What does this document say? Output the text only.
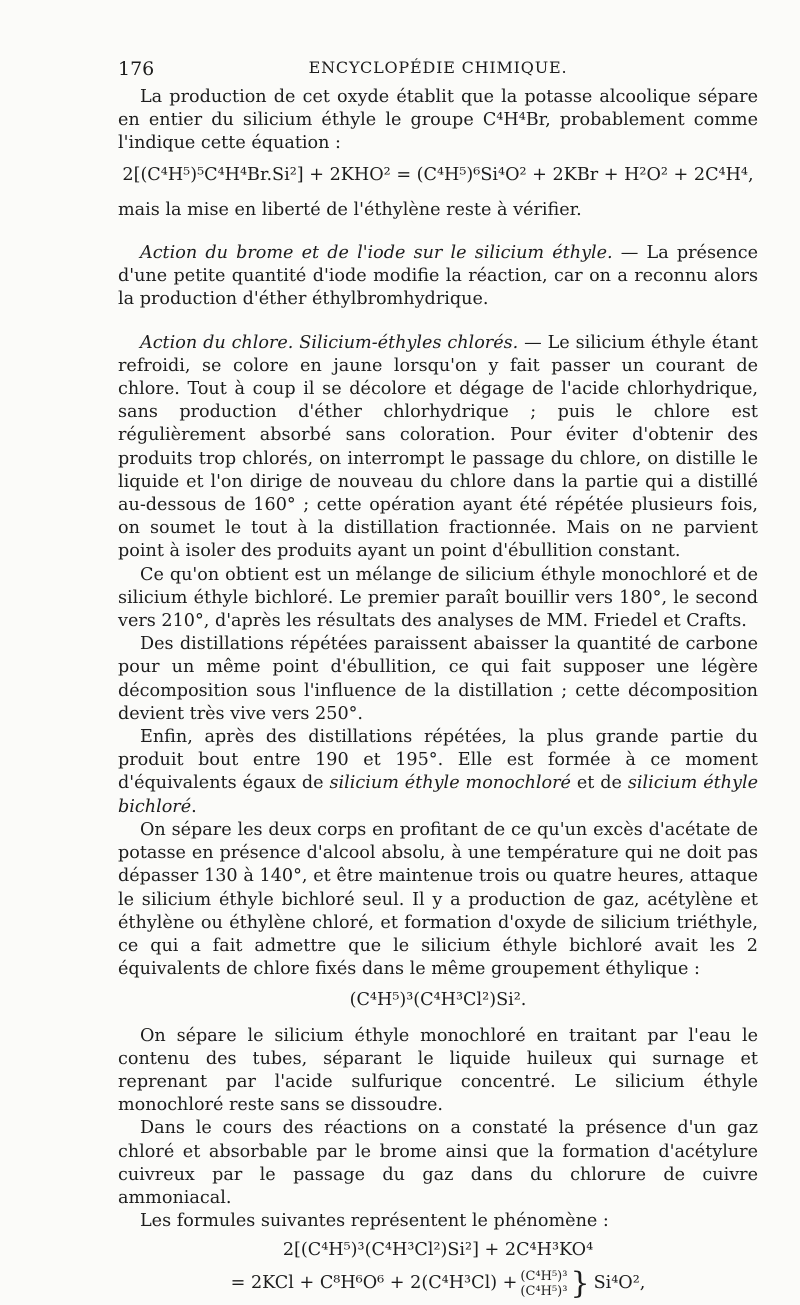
176	ENCYCLOPÉDIE CHIMIQUE.

La production de cet oxyde établit que la potasse alcoolique sépare en entier du silicium éthyle le groupe C⁴H⁴Br, probablement comme l'indique cette équation :

2[(C⁴H⁵)⁵C⁴H⁴Br.Si²] + 2KHO² = (C⁴H⁵)⁶Si⁴O² + 2KBr + H²O² + 2C⁴H⁴,

mais la mise en liberté de l'éthylène reste à vérifier.

Action du brome et de l'iode sur le silicium éthyle. — La présence d'une petite quantité d'iode modifie la réaction, car on a reconnu alors la production d'éther éthylbromhydrique.

Action du chlore. Silicium-éthyles chlorés. — Le silicium éthyle étant refroidi, se colore en jaune lorsqu'on y fait passer un courant de chlore. Tout à coup il se décolore et dégage de l'acide chlorhydrique, sans production d'éther chlorhydrique ; puis le chlore est régulièrement absorbé sans coloration. Pour éviter d'obtenir des produits trop chlorés, on interrompt le passage du chlore, on distille le liquide et l'on dirige de nouveau du chlore dans la partie qui a distillé au-dessous de 160° ; cette opération ayant été répétée plusieurs fois, on soumet le tout à la distillation fractionnée. Mais on ne parvient point à isoler des produits ayant un point d'ébullition constant.

Ce qu'on obtient est un mélange de silicium éthyle monochloré et de silicium éthyle bichloré. Le premier paraît bouillir vers 180°, le second vers 210°, d'après les résultats des analyses de MM. Friedel et Crafts.

Des distillations répétées paraissent abaisser la quantité de carbone pour un même point d'ébullition, ce qui fait supposer une légère décomposition sous l'influence de la distillation ; cette décomposition devient très vive vers 250°.

Enfin, après des distillations répétées, la plus grande partie du produit bout entre 190 et 195°. Elle est formée à ce moment d'équivalents égaux de silicium éthyle monochloré et de silicium éthyle bichloré.

On sépare les deux corps en profitant de ce qu'un excès d'acétate de potasse en présence d'alcool absolu, à une température qui ne doit pas dépasser 130 à 140°, et être maintenue trois ou quatre heures, attaque le silicium éthyle bichloré seul. Il y a production de gaz, acétylène et éthylène ou éthylène chloré, et formation d'oxyde de silicium triéthyle, ce qui a fait admettre que le silicium éthyle bichloré avait les 2 équivalents de chlore fixés dans le même groupement éthylique :

(C⁴H⁵)³(C⁴H³Cl²)Si².

On sépare le silicium éthyle monochloré en traitant par l'eau le contenu des tubes, séparant le liquide huileux qui surnage et reprenant par l'acide sulfurique concentré. Le silicium éthyle monochloré reste sans se dissoudre.

Dans le cours des réactions on a constaté la présence d'un gaz chloré et absorbable par le brome ainsi que la formation d'acétylure cuivreux par le passage du gaz dans du chlorure de cuivre ammoniacal.

Les formules suivantes représentent le phénomène :

2[(C⁴H⁵)³(C⁴H³Cl²)Si²] + 2C⁴H³KO⁴
= 2KCl + C⁸H⁶O⁶ + 2(C⁴H³Cl) + (C⁴H⁵)³
(C⁴H⁵)³ } Si⁴O²,
